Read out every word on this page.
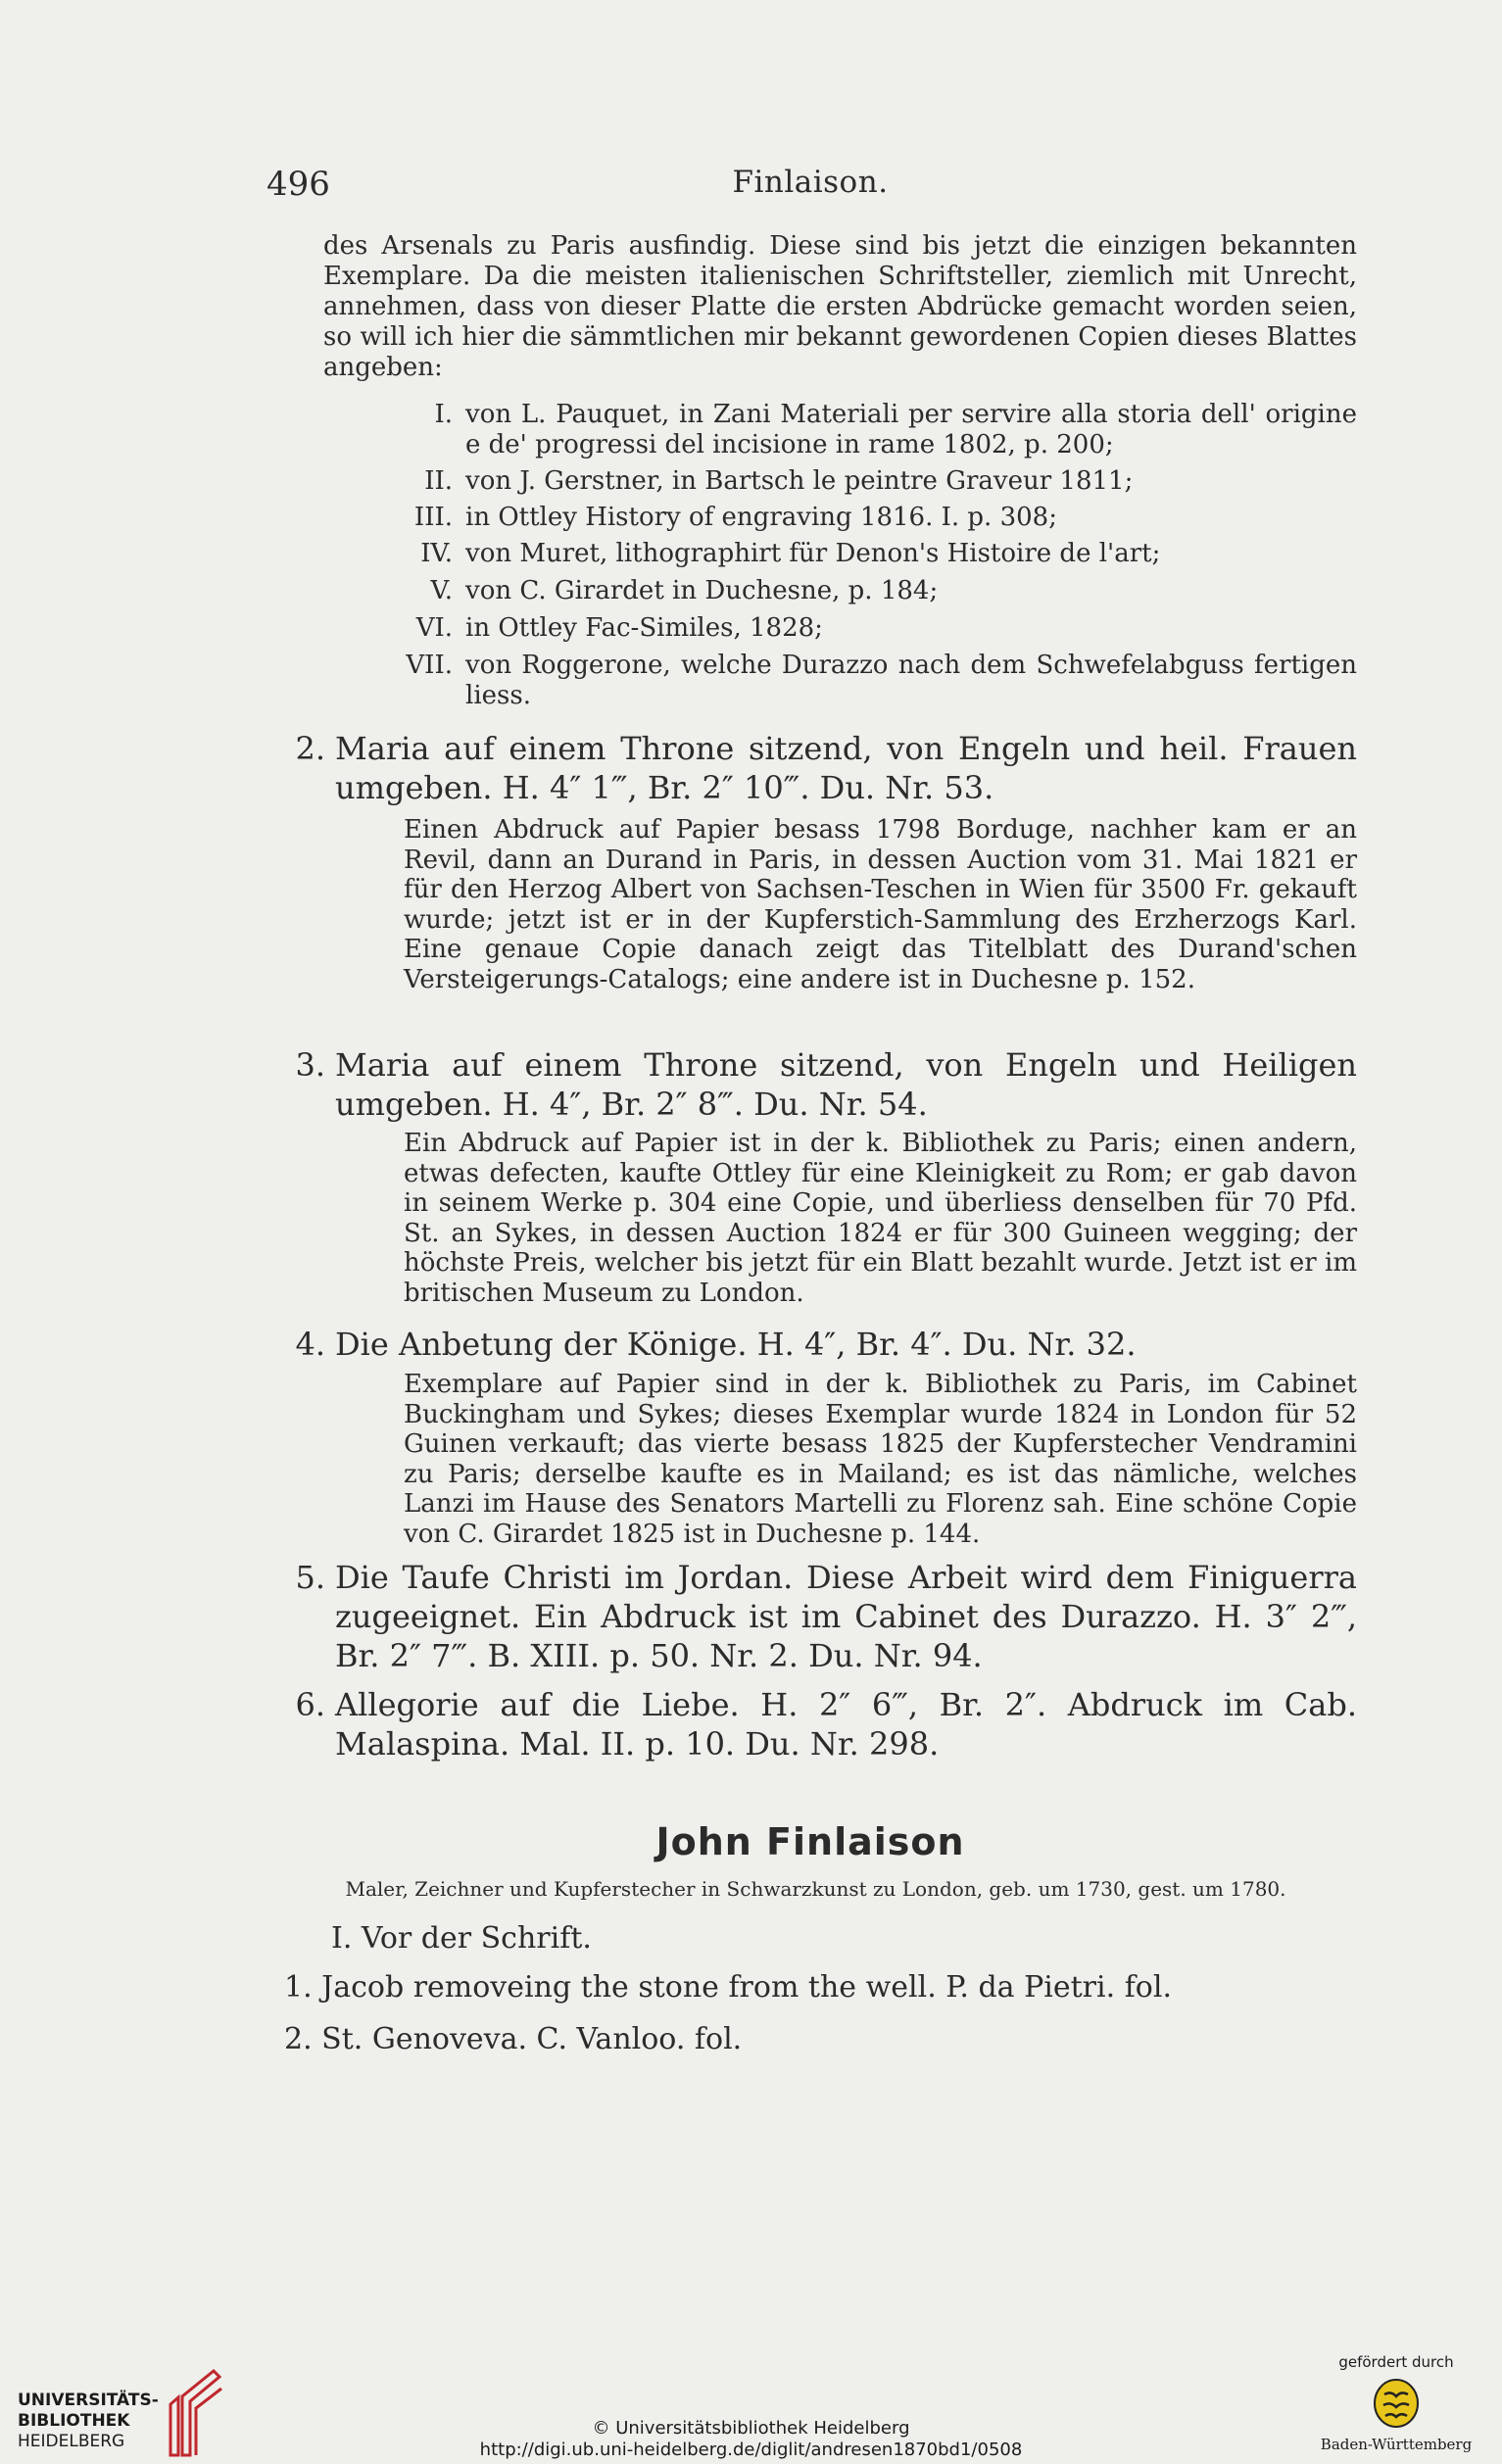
496	Finlaison.
des Arsenals zu Paris ausfindig. Diese sind bis jetzt die einzigen bekannten Exemplare. Da die meisten italienischen Schriftsteller, ziemlich mit Unrecht, annehmen, dass von dieser Platte die ersten Abdrücke gemacht worden seien, so will ich hier die sämmtlichen mir bekannt gewordenen Copien dieses Blattes angeben:
I. von L. Pauquet, in Zani Materiali per servire alla storia dell' origine e de' progressi del incisione in rame 1802, p. 200;
II. von J. Gerstner, in Bartsch le peintre Graveur 1811;
III. in Ottley History of engraving 1816. I. p. 308;
IV. von Muret, lithographirt für Denon's Histoire de l'art;
V. von C. Girardet in Duchesne, p. 184;
VI. in Ottley Fac-Similes, 1828;
VII. von Roggerone, welche Durazzo nach dem Schwefelabguss fertigen liess.
2. Maria auf einem Throne sitzend, von Engeln und heil. Frauen umgeben. H. 4″ 1‴, Br. 2″ 10‴. Du. Nr. 53.
Einen Abdruck auf Papier besass 1798 Borduge, nachher kam er an Revil, dann an Durand in Paris, in dessen Auction vom 31. Mai 1821 er für den Herzog Albert von Sachsen-Teschen in Wien für 3500 Fr. gekauft wurde; jetzt ist er in der Kupferstich-Sammlung des Erzherzogs Karl. Eine genaue Copie danach zeigt das Titelblatt des Durand'schen Versteigerungs-Catalogs; eine andere ist in Duchesne p. 152.
3. Maria auf einem Throne sitzend, von Engeln und Heiligen umgeben. H. 4″, Br. 2″ 8‴. Du. Nr. 54.
Ein Abdruck auf Papier ist in der k. Bibliothek zu Paris; einen andern, etwas defecten, kaufte Ottley für eine Kleinigkeit zu Rom; er gab davon in seinem Werke p. 304 eine Copie, und überliess denselben für 70 Pfd. St. an Sykes, in dessen Auction 1824 er für 300 Guineen wegging; der höchste Preis, welcher bis jetzt für ein Blatt bezahlt wurde. Jetzt ist er im britischen Museum zu London.
4. Die Anbetung der Könige. H. 4″, Br. 4″. Du. Nr. 32.
Exemplare auf Papier sind in der k. Bibliothek zu Paris, im Cabinet Buckingham und Sykes; dieses Exemplar wurde 1824 in London für 52 Guinen verkauft; das vierte besass 1825 der Kupferstecher Vendramini zu Paris; derselbe kaufte es in Mailand; es ist das nämliche, welches Lanzi im Hause des Senators Martelli zu Florenz sah. Eine schöne Copie von C. Girardet 1825 ist in Duchesne p. 144.
5. Die Taufe Christi im Jordan. Diese Arbeit wird dem Finiguerra zugeeignet. Ein Abdruck ist im Cabinet des Durazzo. H. 3″ 2‴, Br. 2″ 7‴. B. XIII. p. 50. Nr. 2. Du. Nr. 94.
6. Allegorie auf die Liebe. H. 2″ 6‴, Br. 2″. Abdruck im Cab. Malaspina. Mal. II. p. 10. Du. Nr. 298.
John Finlaison
Maler, Zeichner und Kupferstecher in Schwarzkunst zu London, geb. um 1730, gest. um 1780.
I. Vor der Schrift.
1. Jacob removeing the stone from the well. P. da Pietri. fol.
2. St. Genoveva. C. Vanloo. fol.
UNIVERSITÄTS-
BIBLIOTHEK
HEIDELBERG
© Universitätsbibliothek Heidelberg
http://digi.ub.uni-heidelberg.de/diglit/andresen1870bd1/0508
gefördert durch
Baden-Württemberg
